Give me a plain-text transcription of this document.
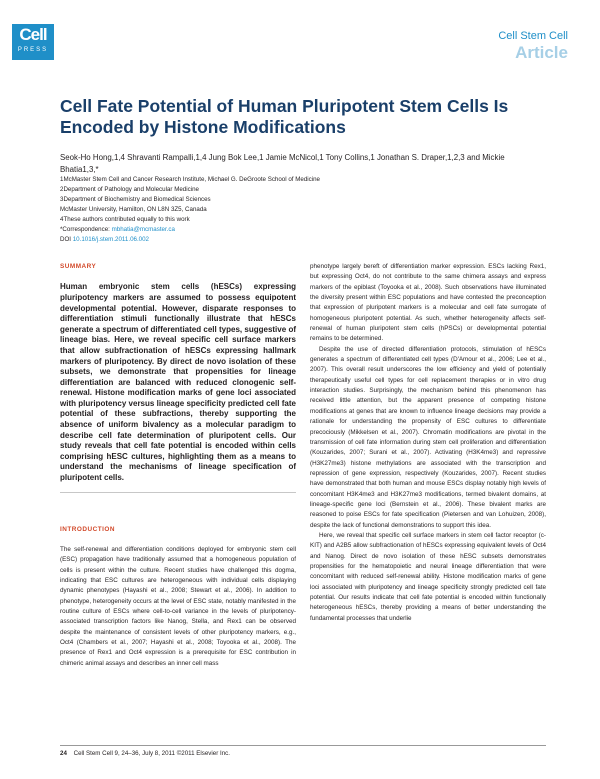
Cell
PRESS
Cell Stem Cell
Article
Cell Fate Potential of Human Pluripotent Stem Cells Is Encoded by Histone Modifications

Seok-Ho Hong,1,4 Shravanti Rampalli,1,4 Jung Bok Lee,1 Jamie McNicol,1 Tony Collins,1 Jonathan S. Draper,1,2,3 and Mickie Bhatia1,3,*

1McMaster Stem Cell and Cancer Research Institute, Michael G. DeGroote School of Medicine

2Department of Pathology and Molecular Medicine

3Department of Biochemistry and Biomedical Sciences

McMaster University, Hamilton, ON L8N 3Z5, Canada

4These authors contributed equally to this work

*Correspondence: mbhatia@mcmaster.ca

DOI 10.1016/j.stem.2011.06.002

SUMMARY

Human embryonic stem cells (hESCs) expressing pluripotency markers are assumed to possess equipotent developmental potential. However, disparate responses to differentiation stimuli functionally illustrate that hESCs generate a spectrum of differentiated cell types, suggestive of lineage bias. Here, we reveal specific cell surface markers that allow subfractionation of hESCs expressing hallmark markers of pluripotency. By direct de novo isolation of these subsets, we demonstrate that propensities for lineage differentiation are balanced with reduced clonogenic self-renewal. Histone modification marks of gene loci associated with pluripotency versus lineage specificity predicted cell fate potential of these subfractions, thereby supporting the absence of uniform bivalency as a molecular paradigm to describe cell fate determination of pluripotent cells. Our study reveals that cell fate potential is encoded within cells comprising hESC cultures, highlighting them as a means to understand the mechanisms of lineage specification of pluripotent cells.

INTRODUCTION

The self-renewal and differentiation conditions deployed for embryonic stem cell (ESC) propagation have traditionally assumed that a homogeneous population of cells is present within the culture. Recent studies have challenged this dogma, indicating that ESC cultures are heterogeneous with individual cells displaying dynamic phenotypes (Hayashi et al., 2008; Stewart et al., 2006). In addition to phenotype, heterogeneity occurs at the level of ESC state, notably manifested in the routine culture of ESCs where cell-to-cell variance in the levels of pluripotency-associated transcription factors like Nanog, Stella, and Rex1 can be observed despite the maintenance of consistent levels of other pluripotency markers, e.g., Oct4 (Chambers et al., 2007; Hayashi et al., 2008; Toyooka et al., 2008). The presence of Rex1 and Oct4 expression is a prerequisite for ESC contribution in chimeric animal assays and describes an inner cell mass

phenotype largely bereft of differentiation marker expression. ESCs lacking Rex1, but expressing Oct4, do not contribute to the same chimera assays and express markers of the epiblast (Toyooka et al., 2008). Such observations have illuminated the diversity present within ESC populations and have contested the preconception that expression of pluripotent markers is a molecular and cell fate surrogate of homogeneous pluripotent potential. As such, whether heterogeneity affects self-renewal of human pluripotent stem cells (hPSCs) or developmental potential remains to be determined.

Despite the use of directed differentiation protocols, stimulation of hESCs generates a spectrum of differentiated cell types (D'Amour et al., 2006; Lee et al., 2007). This overall result underscores the low efficiency and yield of potentially therapeutically useful cell types for cell replacement therapies or in vitro drug interaction studies. Surprisingly, the mechanism behind this phenomenon has received little attention, but the apparent presence of competing histone modifications at genes that are known to influence lineage decisions may provide a rationale for understanding the propensity of ESC cultures to differentiate precociously (Mikkelsen et al., 2007). Chromatin modifications are pivotal in the transmission of cell fate information during stem cell proliferation and differentiation (Kouzarides, 2007; Surani et al., 2007). Activating (H3K4me3) and repressive (H3K27me3) histone methylations are associated with the transcription and repression of gene expression, respectively (Kouzarides, 2007). Recent studies have demonstrated that both human and mouse ESCs display notably high levels of concomitant H3K4me3 and H3K27me3 modifications, termed bivalent domains, at lineage-specific gene loci (Bernstein et al., 2006). These bivalent marks are reasoned to poise ESCs for fate specification (Pietersen and van Lohuizen, 2008), despite the lack of functional demonstrations to support this idea.

Here, we reveal that specific cell surface markers in stem cell factor receptor (c-KIT) and A2B5 allow subfractionation of hESCs expressing equivalent levels of Oct4 and Nanog. Direct de novo isolation of these hESC subsets demonstrates propensities for the hematopoietic and neural lineage differentiation that were concomitant with reduced self-renewal ability. Histone modification marks of gene loci associated with pluripotency and lineage specificity strongly predicted cell fate potential. Our results indicate that cell fate potential is encoded within functionally heterogeneous hESCs, thereby providing a means of better understanding the fundamental processes that underlie

24 Cell Stem Cell 9, 24–36, July 8, 2011 ©2011 Elsevier Inc.
